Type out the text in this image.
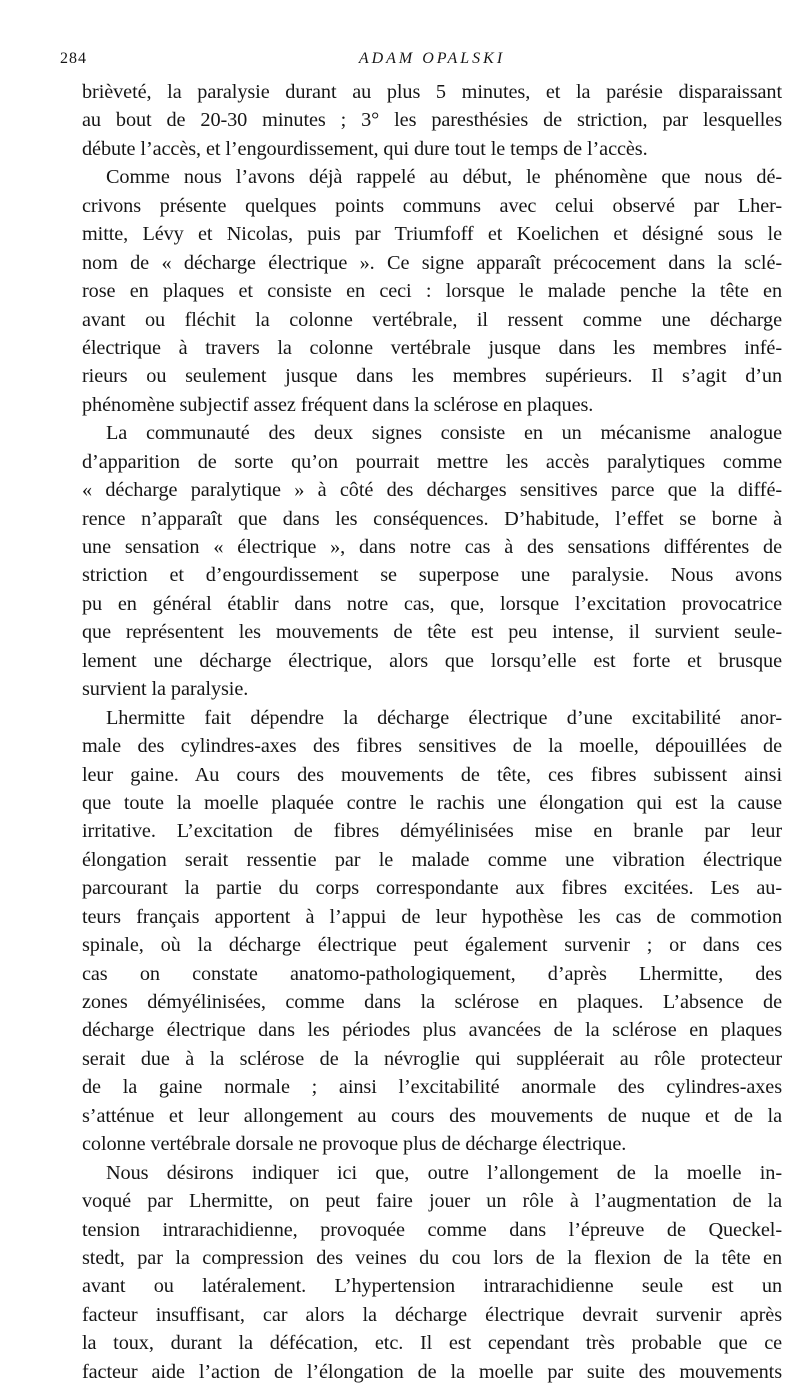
284	ADAM OPALSKI
brièveté, la paralysie durant au plus 5 minutes, et la parésie disparaissant
au bout de 20-30 minutes ; 3° les paresthésies de striction, par lesquelles
débute l’accès, et l’engourdissement, qui dure tout le temps de l’accès.
Comme nous l’avons déjà rappelé au début, le phénomène que nous dé-
crivons présente quelques points communs avec celui observé par Lher-
mitte, Lévy et Nicolas, puis par Triumfoff et Koelichen et désigné sous le
nom de « décharge électrique ». Ce signe apparaît précocement dans la sclé-
rose en plaques et consiste en ceci : lorsque le malade penche la tête en
avant ou fléchit la colonne vertébrale, il ressent comme une décharge
électrique à travers la colonne vertébrale jusque dans les membres infé-
rieurs ou seulement jusque dans les membres supérieurs. Il s’agit d’un
phénomène subjectif assez fréquent dans la sclérose en plaques.
La communauté des deux signes consiste en un mécanisme analogue
d’apparition de sorte qu’on pourrait mettre les accès paralytiques comme
« décharge paralytique » à côté des décharges sensitives parce que la diffé-
rence n’apparaît que dans les conséquences. D’habitude, l’effet se borne à
une sensation « électrique », dans notre cas à des sensations différentes de
striction et d’engourdissement se superpose une paralysie. Nous avons
pu en général établir dans notre cas, que, lorsque l’excitation provocatrice
que représentent les mouvements de tête est peu intense, il survient seule-
lement une décharge électrique, alors que lorsqu’elle est forte et brusque
survient la paralysie.
Lhermitte fait dépendre la décharge électrique d’une excitabilité anor-
male des cylindres-axes des fibres sensitives de la moelle, dépouillées de
leur gaine. Au cours des mouvements de tête, ces fibres subissent ainsi
que toute la moelle plaquée contre le rachis une élongation qui est la cause
irritative. L’excitation de fibres démyélinisées mise en branle par leur
élongation serait ressentie par le malade comme une vibration électrique
parcourant la partie du corps correspondante aux fibres excitées. Les au-
teurs français apportent à l’appui de leur hypothèse les cas de commotion
spinale, où la décharge électrique peut également survenir ; or dans ces
cas on constate anatomo-pathologiquement, d’après Lhermitte, des
zones démyélinisées, comme dans la sclérose en plaques. L’absence de
décharge électrique dans les périodes plus avancées de la sclérose en plaques
serait due à la sclérose de la névroglie qui suppléerait au rôle protecteur
de la gaine normale ; ainsi l’excitabilité anormale des cylindres-axes
s’atténue et leur allongement au cours des mouvements de nuque et de la
colonne vertébrale dorsale ne provoque plus de décharge électrique.
Nous désirons indiquer ici que, outre l’allongement de la moelle in-
voqué par Lhermitte, on peut faire jouer un rôle à l’augmentation de la
tension intrarachidienne, provoquée comme dans l’épreuve de Queckel-
stedt, par la compression des veines du cou lors de la flexion de la tête en
avant ou latéralement. L’hypertension intrarachidienne seule est un
facteur insuffisant, car alors la décharge électrique devrait survenir après
la toux, durant la défécation, etc. Il est cependant très probable que ce
facteur aide l’action de l’élongation de la moelle par suite des mouvements
